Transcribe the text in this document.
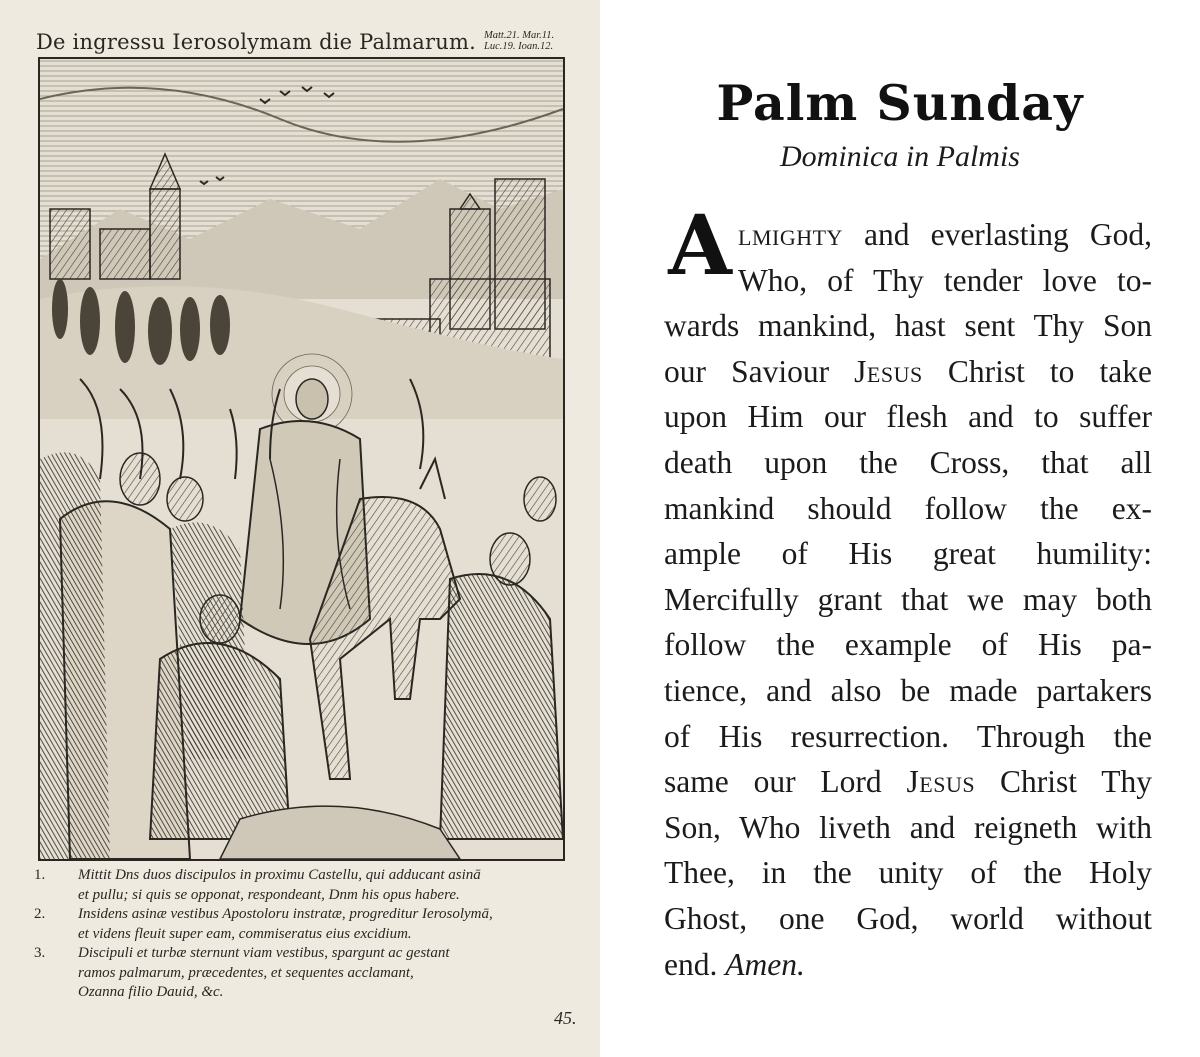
De ingressu Ierosolymam die Palmarum. Matt.21. Mar.11.
Luc.19. Ioan.12.
1.	Mittit Dns duos discipulos in proximu Castellu, qui adducant asinā
et pullu; si quis se opponat, respondeant, Dnm his opus habere.
2.	Insidens asinæ vestibus Apostoloru instratæ, progreditur Ierosolymā,
et videns fleuit super eam, commiseratus eius excidium.
3.	Discipuli et turbæ sternunt viam vestibus, spargunt ac gestant
ramos palmarum, præcedentes, et sequentes acclamant,
Ozanna filio Dauid, &c.
45.
Palm Sunday
Dominica in Palmis
A lmighty and everlasting God,
Who, of Thy tender love to-
wards mankind, hast sent Thy Son
our Saviour Jesus Christ to take
upon Him our flesh and to suffer
death upon the Cross, that all
mankind should follow the ex-
ample of His great humility:
Mercifully grant that we may both
follow the example of His pa-
tience, and also be made partakers
of His resurrection. Through the
same our Lord Jesus Christ Thy
Son, Who liveth and reigneth with
Thee, in the unity of the Holy
Ghost, one God, world without
end. Amen.
